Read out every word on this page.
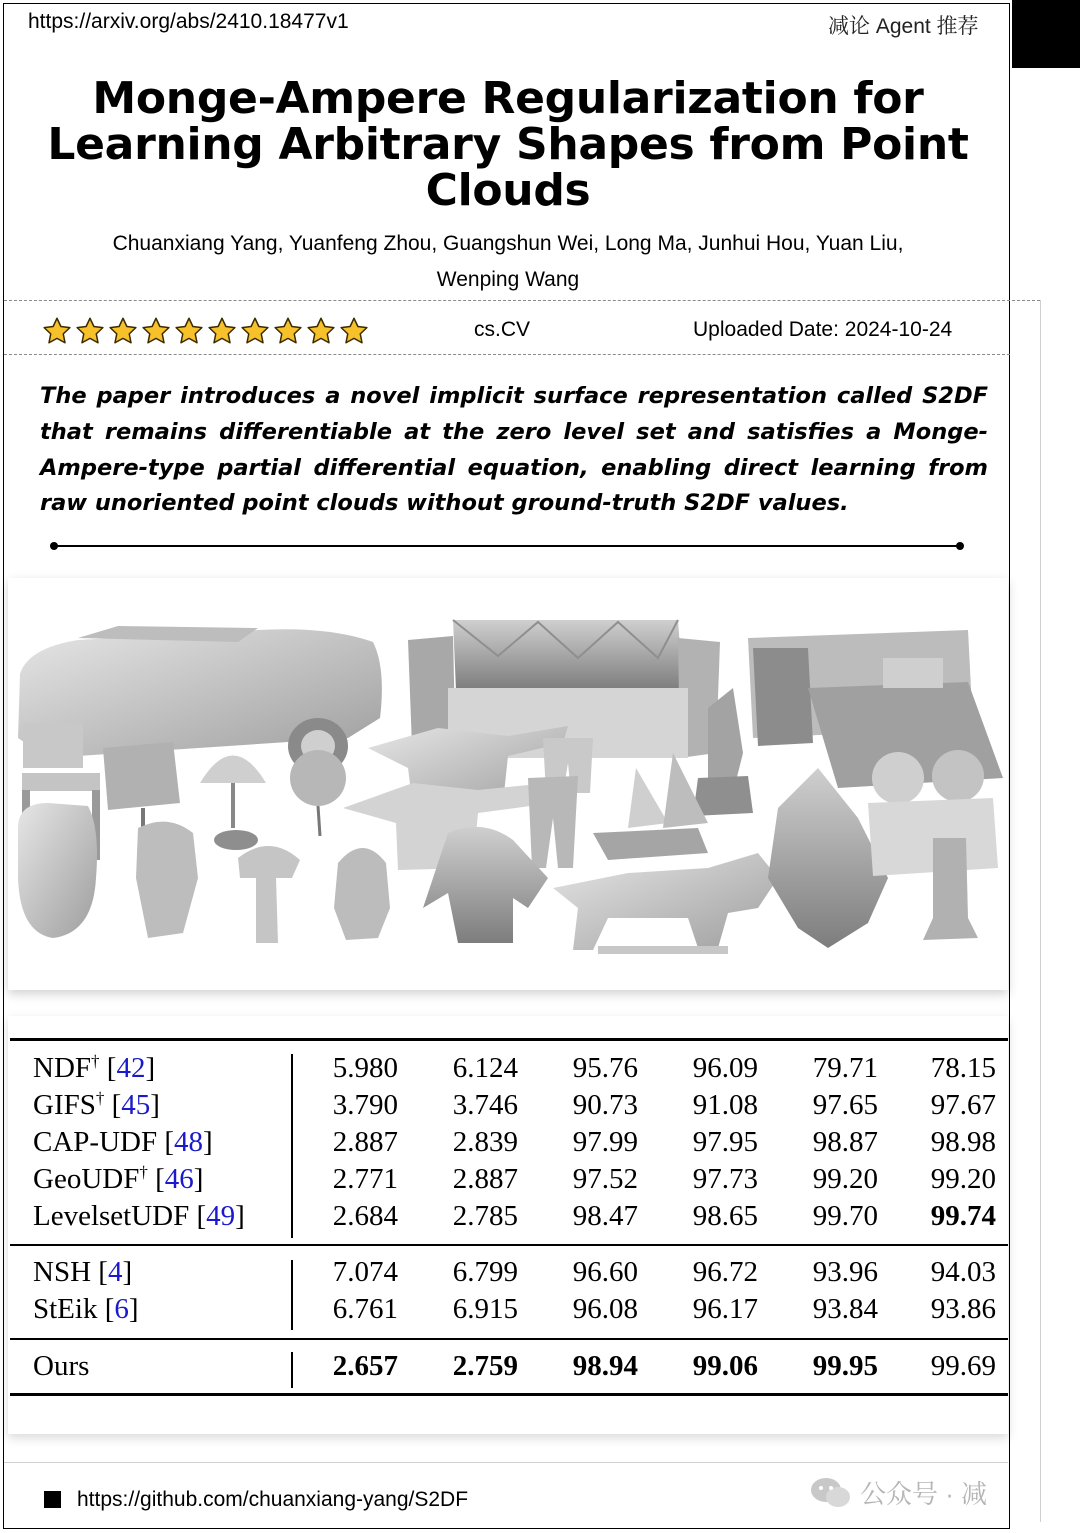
https://arxiv.org/abs/2410.18477v1	减论 Agent 推荐
Monge-Ampere Regularization for Learning Arbitrary Shapes from Point Clouds
Chuanxiang Yang, Yuanfeng Zhou, Guangshun Wei, Long Ma, Junhui Hou, Yuan Liu,
Wenping Wang
cs.CV	Uploaded Date: 2024-10-24

The paper introduces a novel implicit surface representation called S2DF that remains differentiable at the zero level set and satisfies a Monge-Ampere-type partial differential equation, enabling direct learning from raw unoriented point clouds without ground-truth S2DF values.

NDF† [42]	5.980	6.124	95.76	96.09	79.71	78.15
GIFS† [45]	3.790	3.746	90.73	91.08	97.65	97.67
CAP-UDF [48]	2.887	2.839	97.99	97.95	98.87	98.98
GeoUDF† [46]	2.771	2.887	97.52	97.73	99.20	99.20
LevelsetUDF [49]	2.684	2.785	98.47	98.65	99.70	99.74
NSH [4]	7.074	6.799	96.60	96.72	93.96	94.03
StEik [6]	6.761	6.915	96.08	96.17	93.84	93.86
Ours	2.657	2.759	98.94	99.06	99.95	99.69
https://github.com/chuanxiang-yang/S2DF	公众号 · 减
